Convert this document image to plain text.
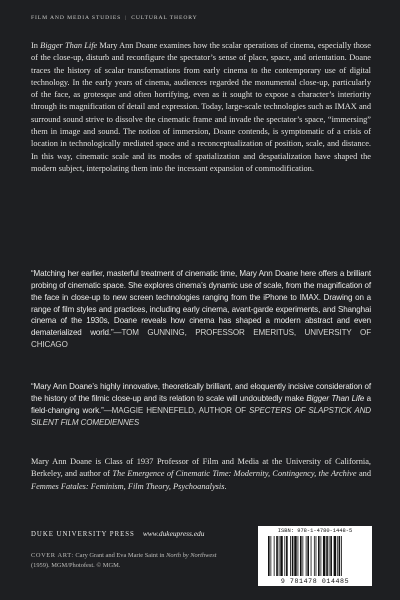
FILM AND MEDIA STUDIES | CULTURAL THEORY

In Bigger Than Life Mary Ann Doane examines how the scalar operations of cinema, especially those of the close-up, disturb and reconfigure the spectator’s sense of place, space, and orientation. Doane traces the history of scalar transformations from early cinema to the contemporary use of digital technology. In the early years of cinema, audiences regarded the monumental close-up, particularly of the face, as grotesque and often horrifying, even as it sought to expose a character’s interiority through its magnification of detail and expression. Today, large-scale technologies such as IMAX and surround sound strive to dissolve the cinematic frame and invade the spectator’s space, “immersing” them in image and sound. The notion of immersion, Doane contends, is symptomatic of a crisis of location in technologically mediated space and a reconceptualization of position, scale, and distance. In this way, cinematic scale and its modes of spatialization and despatialization have shaped the modern subject, interpolating them into the incessant expansion of commodification.

“Matching her earlier, masterful treatment of cinematic time, Mary Ann Doane here offers a brilliant probing of cinematic space. She explores cinema’s dynamic use of scale, from the magnification of the face in close-up to new screen technologies ranging from the iPhone to IMAX. Drawing on a range of film styles and practices, including early cinema, avant-garde experiments, and Shanghai cinema of the 1930s, Doane reveals how cinema has shaped a modern abstract and even dematerialized world.”—TOM GUNNING, PROFESSOR EMERITUS, UNIVERSITY OF CHICAGO

“Mary Ann Doane’s highly innovative, theoretically brilliant, and eloquently incisive consideration of the history of the filmic close-up and its relation to scale will undoubtedly make Bigger Than Life a field-changing work.”—MAGGIE HENNEFELD, AUTHOR OF SPECTERS OF SLAPSTICK AND SILENT FILM COMEDIENNES

Mary Ann Doane is Class of 1937 Professor of Film and Media at the University of California, Berkeley, and author of The Emergence of Cinematic Time: Modernity, Contingency, the Archive and Femmes Fatales: Feminism, Film Theory, Psychoanalysis.

DUKE UNIVERSITY PRESS www.dukeupress.edu

COVER ART: Cary Grant and Eva Marie Saint in North by Northwest (1959). MGM/Photofest. © MGM.

ISBN: 978-1-4780-1448-5
9 781478 014485
